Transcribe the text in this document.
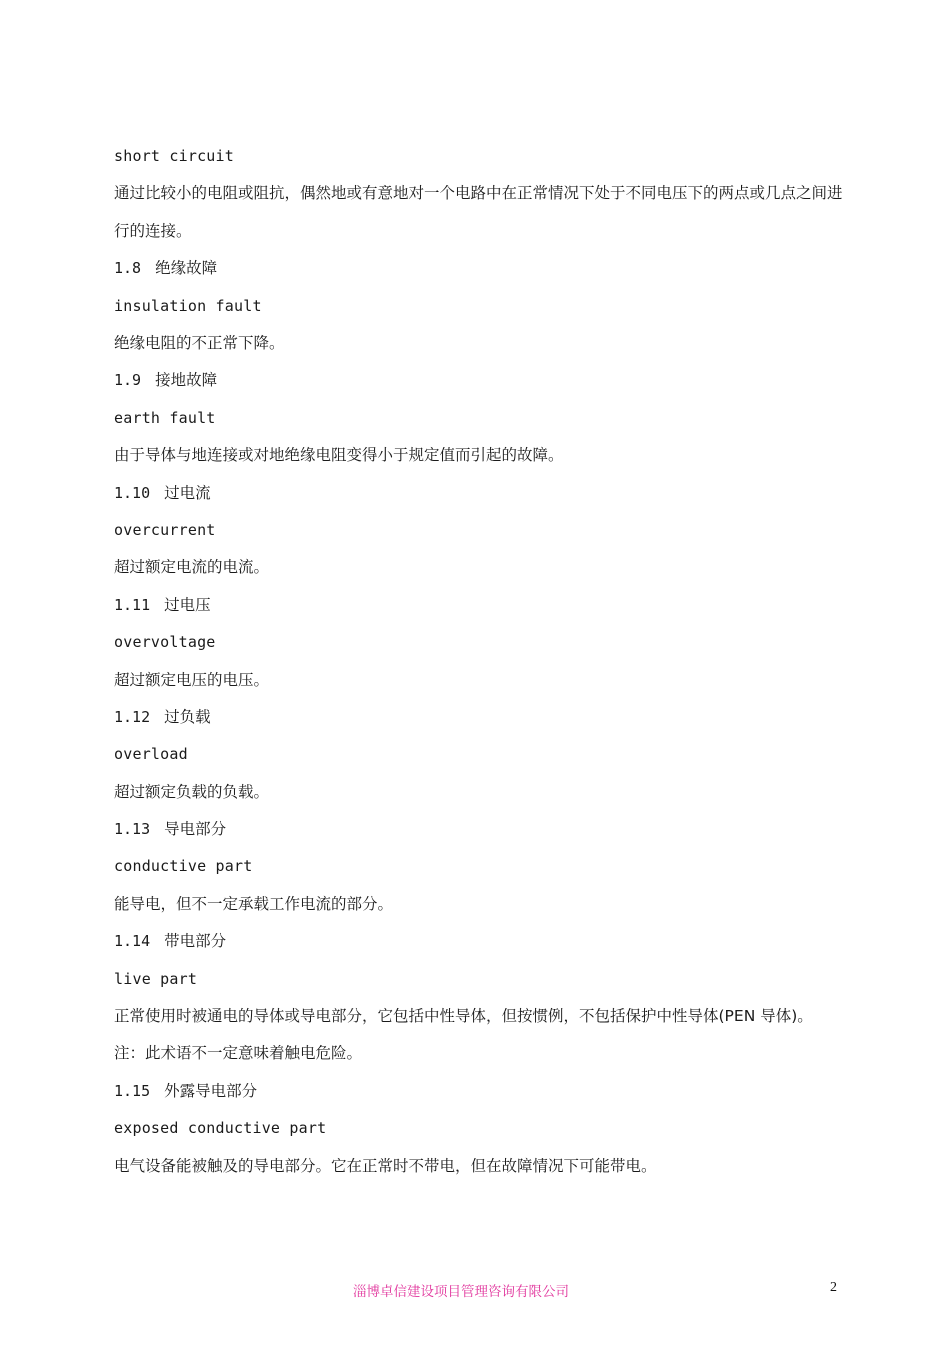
short circuit
通过比较小的电阻或阻抗，偶然地或有意地对一个电路中在正常情况下处于不同电压下的两点或几点之间进行的连接。
1.8 绝缘故障
insulation fault
绝缘电阻的不正常下降。
1.9 接地故障
earth fault
由于导体与地连接或对地绝缘电阻变得小于规定值而引起的故障。
1.10 过电流
overcurrent
超过额定电流的电流。
1.11 过电压
overvoltage
超过额定电压的电压。
1.12 过负载
overload
超过额定负载的负载。
1.13 导电部分
conductive part
能导电，但不一定承载工作电流的部分。
1.14 带电部分
live part
正常使用时被通电的导体或导电部分，它包括中性导体，但按惯例，不包括保护中性导体(PEN 导体)。
注：此术语不一定意味着触电危险。
1.15 外露导电部分
exposed conductive part
电气设备能被触及的导电部分。它在正常时不带电，但在故障情况下可能带电。
淄博卓信建设项目管理咨询有限公司	2
